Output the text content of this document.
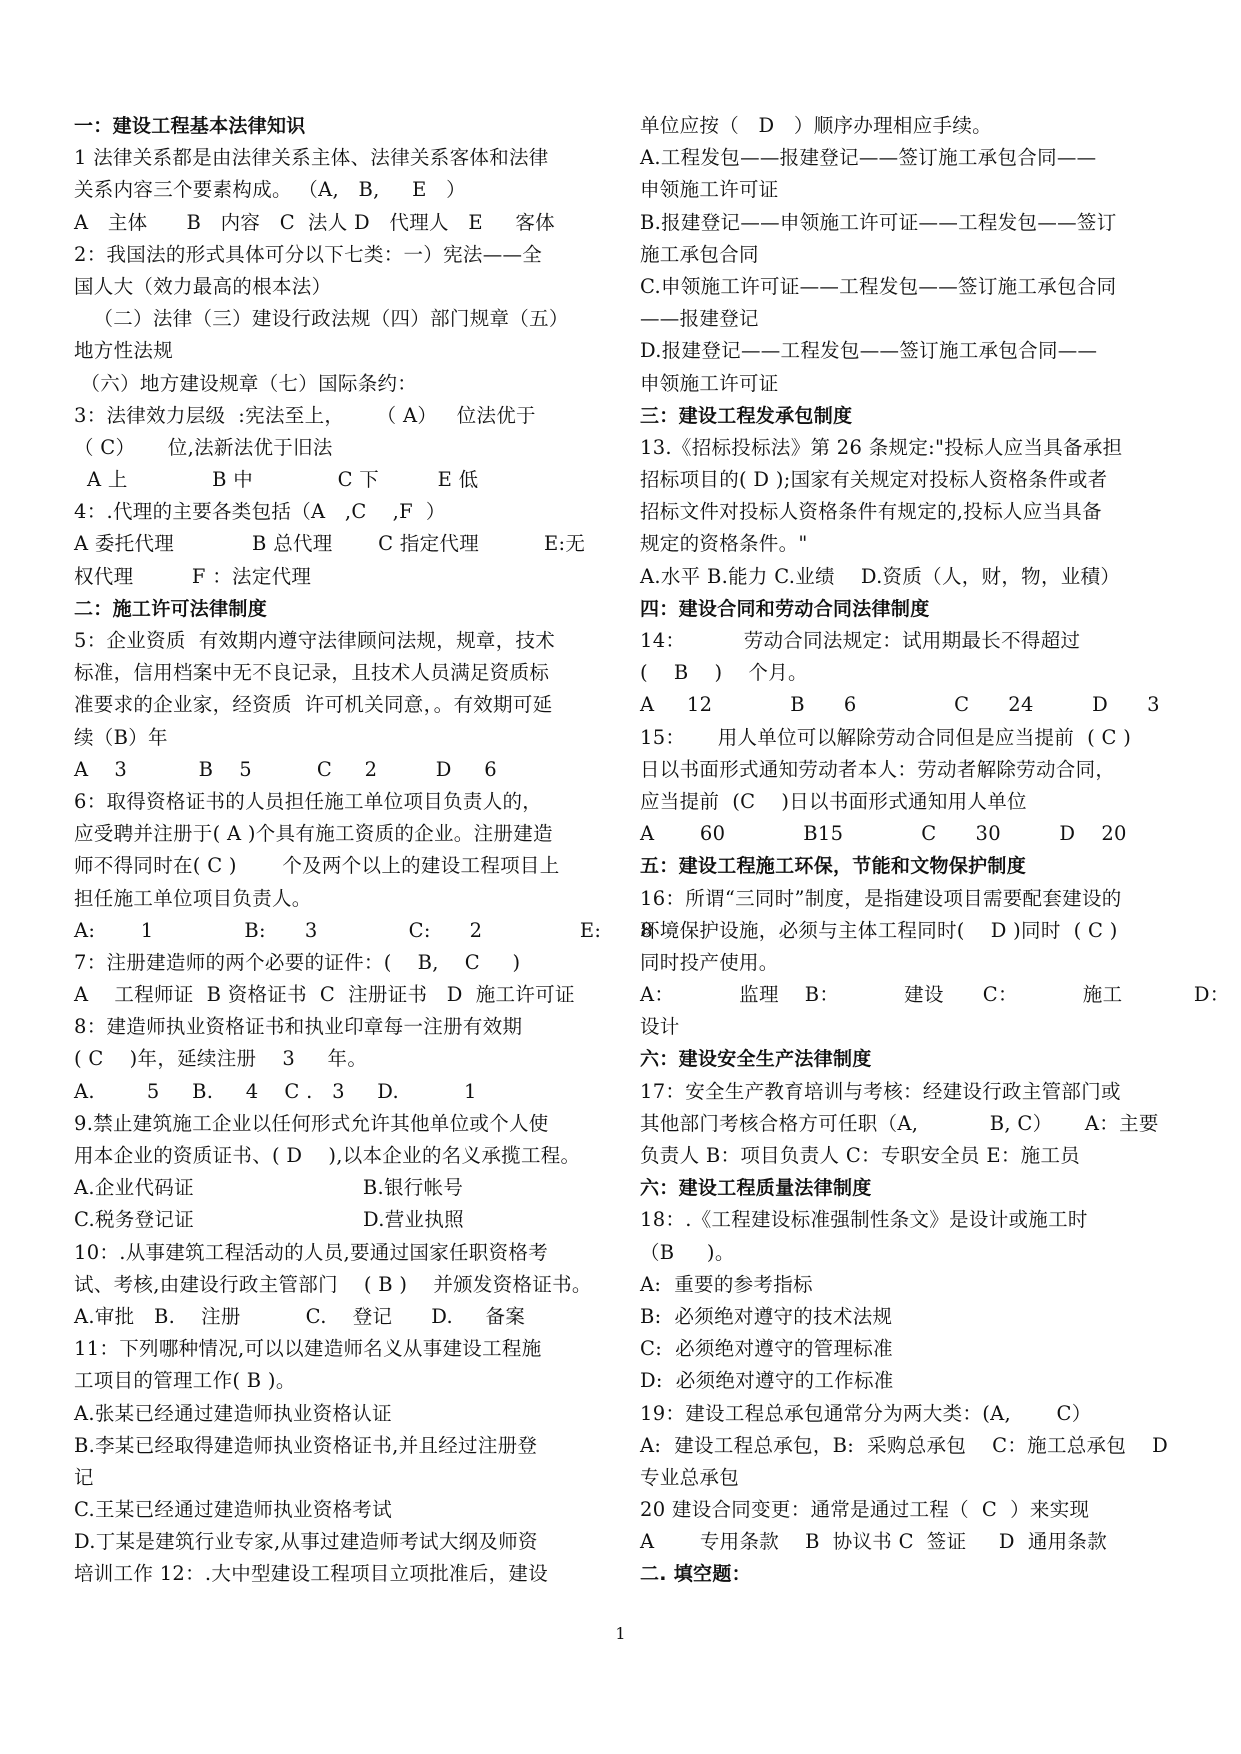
一：建设工程基本法律知识
1 法律关系都是由法律关系主体、法律关系客体和法律
关系内容三个要素构成。 （A,   B,     E   ）
A   主体      B   内容   C  法人 D   代理人   E     客体
2：我国法的形式具体可分以下七类：一）宪法——全
国人大（效力最高的根本法）
（二）法律（三）建设行政法规（四）部门规章（五）
地方性法规
（六）地方建设规章（七）国际条约：
3：法律效力层级  :宪法至上，     （ A）   位法优于
（ C）     位,法新法优于旧法
A 上             B 中             C 下         E 低
4：.代理的主要各类包括（A   ,C    ,F  ）
A 委托代理            B 总代理       C 指定代理          E:无
权代理         F ：法定代理
二：施工许可法律制度
5：企业资质  有效期内遵守法律顾问法规，规章，技术
标准，信用档案中无不良记录，且技术人员满足资质标
准要求的企业家，经资质  许可机关同意，。有效期可延
续（B）年
A    3           B    5          C     2         D     6
6：取得资格证书的人员担任施工单位项目负责人的，
应受聘并注册于( A )个具有施工资质的企业。注册建造
师不得同时在( C )       个及两个以上的建设工程项目上
担任施工单位项目负责人。
A:       1              B:      3              C:      2               E:      8
7：注册建造师的两个必要的证件：(    B,    C     )
A    工程师证  B 资格证书  C  注册证书   D  施工许可证
8：建造师执业资格证书和执业印章每一注册有效期
( C    )年，延续注册    3     年。
A.        5     B.     4    C .   3     D.          1
9.禁止建筑施工企业以任何形式允许其他单位或个人使
用本企业的资质证书、( D    ),以本企业的名义承揽工程。
A.企业代码证                          B.银行帐号
C.税务登记证                          D.营业执照
10：.从事建筑工程活动的人员,要通过国家任职资格考
试、考核,由建设行政主管部门    ( B )    并颁发资格证书。
A.审批   B.    注册          C.    登记      D.     备案
11：下列哪种情况,可以以建造师名义从事建设工程施
工项目的管理工作( B )。
A.张某已经通过建造师执业资格认证
B.李某已经取得建造师执业资格证书,并且经过注册登
记
C.王某已经通过建造师执业资格考试
D.丁某是建筑行业专家,从事过建造师考试大纲及师资
培训工作 12：.大中型建设工程项目立项批准后，建设
单位应按（   D   ）顺序办理相应手续。
A.工程发包——报建登记——签订施工承包合同——
申领施工许可证
B.报建登记——申领施工许可证——工程发包——签订
施工承包合同
C.申领施工许可证——工程发包——签订施工承包合同
——报建登记
D.报建登记——工程发包——签订施工承包合同——
申领施工许可证
三：建设工程发承包制度
13.《招标投标法》第 26 条规定:"投标人应当具备承担
招标项目的( D );国家有关规定对投标人资格条件或者
招标文件对投标人资格条件有规定的,投标人应当具备
规定的资格条件。"
A.水平 B.能力 C.业绩    D.资质（人，财，物，业積）
四：建设合同和劳动合同法律制度
14：         劳动合同法规定：试用期最长不得超过
(    B    )    个月。
A     12            B      6               C      24         D      3
15：     用人单位可以解除劳动合同但是应当提前  ( C )
日以书面形式通知劳动者本人：劳动者解除劳动合同，
应当提前  (C    )日以书面形式通知用人单位
A       60            B15            C      30         D    20
五：建设工程施工环保，节能和文物保护制度
16：所谓“三同时”制度，是指建设项目需要配套建设的
环境保护设施，必须与主体工程同时(    D )同时  ( C )
同时投产使用。
A：          监理    B：          建设      C：          施工           D：
设计
六：建设安全生产法律制度
17：安全生产教育培训与考核：经建设行政主管部门或
其他部门考核合格方可任职（A,           B, C）     A：主要
负责人 B：项目负责人 C：专职安全员 E：施工员
六：建设工程质量法律制度
18：.《工程建设标准强制性条文》是设计或施工时
（B     )。
A:  重要的参考指标
B:  必须绝对遵守的技术法规
C:  必须绝对遵守的管理标准
D:  必须绝对遵守的工作标准
19：建设工程总承包通常分为两大类：(A,       C）
A:  建设工程总承包，B:  采购总承包    C：施工总承包    D
专业总承包
20 建设合同变更：通常是通过工程（  C  ）来实现
A       专用条款    B  协议书 C  签证     D  通用条款
二. 填空题：
1
